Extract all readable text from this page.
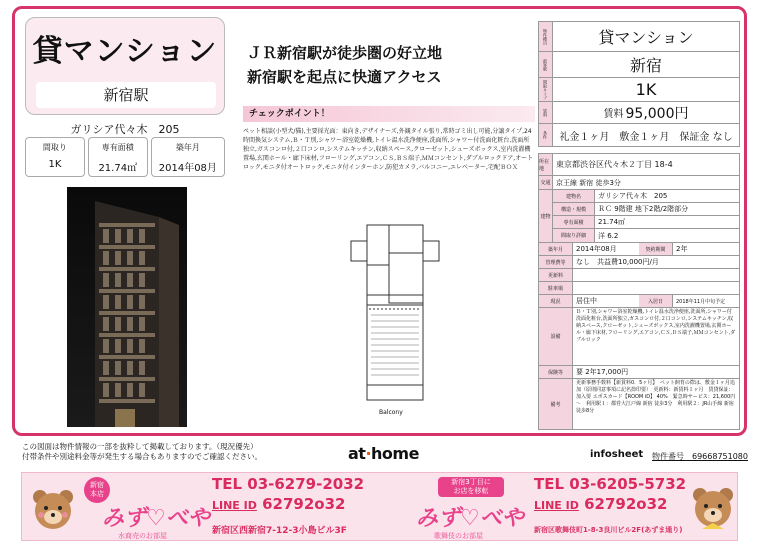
貸マンション
新宿駅
ガリシア代々木　205
間取り
1K
専有面積
21.74㎡
築年月
2014年08月
ＪＲ新宿駅が徒歩圏の好立地
新宿駅を起点に快適アクセス
チェックポイント！
ペット相談(小型犬/猫),主要採光面：東向き,デザイナーズ,外観タイル張り,常時ゴミ出し可能,分譲タイプ,24時間換気システム,Ｂ・Ｔ別,シャワー浴室乾燥機,トイレ温水洗浄便座,洗面所,シャワー付洗面化粧台,洗面所独立,ガスコンロ付,２口コンロ,システムキッチン,収納スペース,クローゼット,シューズボックス,室内洗濯機置場,玄関ホール・廊下床材,フローリング,エアコン,ＣＳ,ＢＳ端子,ＭＭコンセント,ダブルロックドア,オートロック,モニタ付オートロック,モニタ付インターホン,防犯カメラ,バルコニー,エレベーター,宅配ＢＯＸ
Balcony
物件種目	貸マンション
最寄駅	新宿
間取タイプ	1K
賃料	賃料 95,000円
条件	礼金１ヶ月　敷金１ヶ月　保証金 なし
所在地	東京都渋谷区代々木２丁目 18-4
交通 京王線 新宿 徒歩3分
建物
建物名	ガリシア代々木　205
構造・規模	ＲＣ 9階建 地下2階/2階部分
専有面積	21.74㎡
間取り詳細	洋 6.2
築年月	2014年08月	契約期間	2年
管理費等	なし　共益費10,000円/月
更新料
駐車場
現況	居住中	入居日	2018年11月中旬予定
設備
Ｂ・Ｔ別,シャワー浴室乾燥機,トイレ温水洗浄便座,洗面所,シャワー付洗面化粧台,洗面所独立,ガスコンロ付,２口コンロ,システムキッチン,収納スペース,クローゼット,シューズボックス,室内洗濯機置場,玄関ホール・廊下床材,フローリング,エアコン,ＣＳ,ＢＳ端子,ＭＭコンセント,ダブルロック
保険等	要 2年17,000円
備考
更新事務手数料【新賃料0．5ヶ月】　ペット飼育の際は、敷金１ヶ月追加（原則同意事項に記名捺印要）　更新料：新賃料１ヶ月　賃貸保証：加入要 エポスカード【ROOM iD】 40%　緊急時サービス：21,600円～　利用駅１：都営大江戸線 新宿 徒歩3分　利用駅２：JR山手線 新宿 徒歩8分
この図面は物件情報の一部を抜粋して掲載しております。（現況優先）
付帯条件や別途料金等が発生する場合もありますのでご確認ください。	at·home	infosheet 物件番号　 69668751080
新宿
本店
みず♡べや
水商売のお部屋
TEL 03-6279-2032
LINE ID 62792o32
新宿区西新宿7-12-3小島ビル3F
新宿3丁目に
お店を移転
みず♡べや
歌舞伎のお部屋
TEL 03-6205-5732
LINE ID 62792o32
新宿区歌舞伎町1-8-3良川ビル2F(あずま通り)
